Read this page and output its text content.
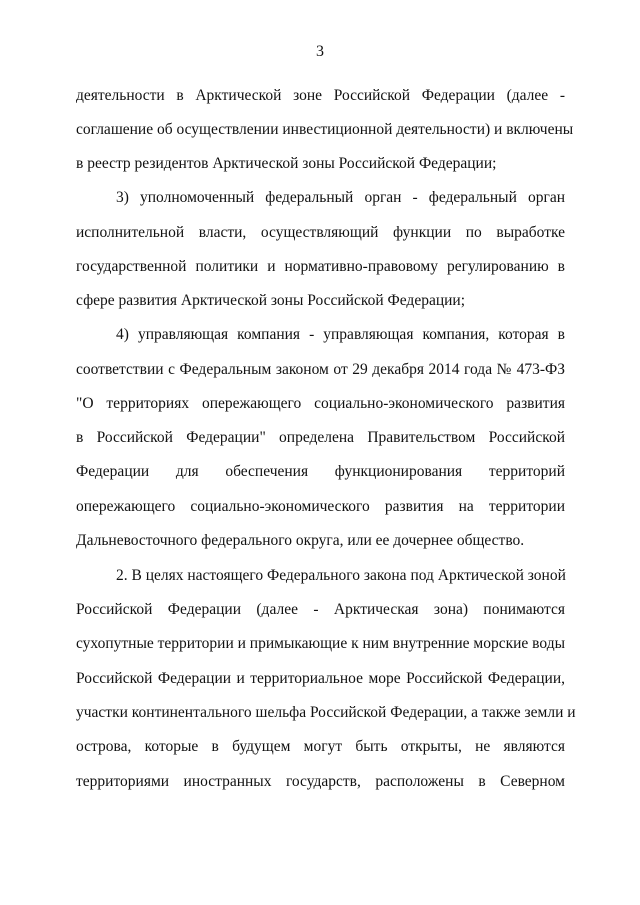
3
деятельности в Арктической зоне Российской Федерации (далее -
соглашение об осуществлении инвестиционной деятельности) и включены
в реестр резидентов Арктической зоны Российской Федерации;
3) уполномоченный федеральный орган - федеральный орган
исполнительной власти, осуществляющий функции по выработке
государственной политики и нормативно-правовому регулированию в
сфере развития Арктической зоны Российской Федерации;
4) управляющая компания - управляющая компания, которая в
соответствии с Федеральным законом от 29 декабря 2014 года № 473-ФЗ
"О территориях опережающего социально-экономического развития
в Российской Федерации" определена Правительством Российской
Федерации для обеспечения функционирования территорий
опережающего социально-экономического развития на территории
Дальневосточного федерального округа, или ее дочернее общество.
2. В целях настоящего Федерального закона под Арктической зоной
Российской Федерации (далее - Арктическая зона) понимаются
сухопутные территории и примыкающие к ним внутренние морские воды
Российской Федерации и территориальное море Российской Федерации,
участки континентального шельфа Российской Федерации, а также земли и
острова, которые в будущем могут быть открыты, не являются
территориями иностранных государств, расположены в Северном
